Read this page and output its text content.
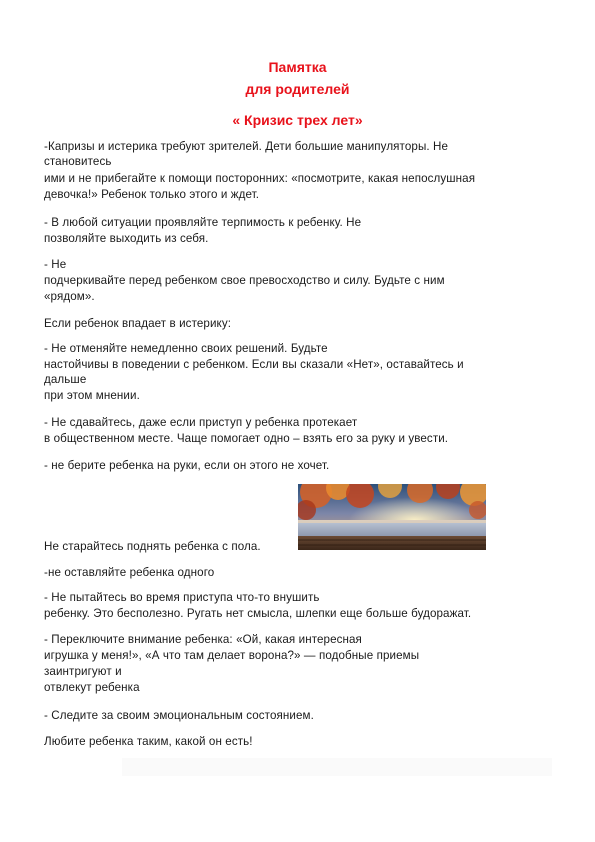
Памятка
для родителей
« Кризис трех лет»
-Капризы и истерика требуют зрителей. Дети большие манипуляторы. Не
становитесь
ими и не прибегайте к помощи посторонних: «посмотрите, какая непослушная
девочка!» Ребенок только этого и ждет.
- В любой ситуации проявляйте терпимость к ребенку. Не
позволяйте выходить из себя.
- Не
подчеркивайте перед ребенком свое превосходство и силу. Будьте с ним
«рядом».
Если ребенок впадает в истерику:
- Не отменяйте немедленно своих решений. Будьте
настойчивы в поведении с ребенком. Если вы сказали «Нет», оставайтесь и
дальше
при этом мнении.
- Не сдавайтесь, даже если приступ у ребенка протекает
в общественном месте. Чаще помогает одно – взять его за руку и увести.
- не берите ребенка на руки, если он этого не хочет.
Не старайтесь поднять ребенка с пола.
-не оставляйте ребенка одного
- Не пытайтесь во время приступа что-то внушить
ребенку. Это бесполезно. Ругать нет смысла, шлепки еще больше будоражат.
- Переключите внимание ребенка: «Ой, какая интересная
игрушка у меня!», «А что там делает ворона?» — подобные приемы
заинтригуют и
отвлекут ребенка
- Следите за своим эмоциональным состоянием.
Любите ребенка таким, какой он есть!
